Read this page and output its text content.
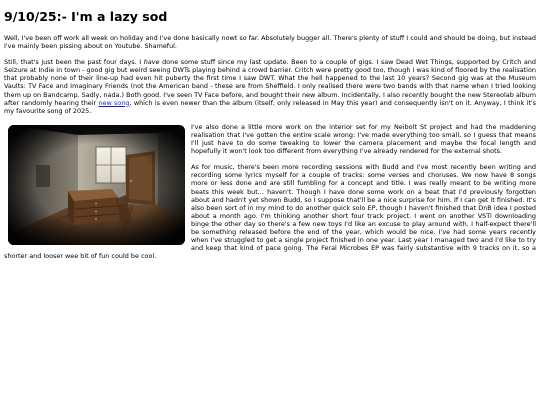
9/10/25:- I'm a lazy sod

Well, I've been off work all week on holiday and I've done basically nowt so far. Absolutely bugger all. There's plenty of stuff I could and should be doing, but instead I've mainly been pissing about on Youtube. Shameful.

Still, that's just been the past four days. I have done some stuff since my last update. Been to a couple of gigs. I saw Dead Wet Things, supported by Critch and Seizure at Indie in town - good gig but weird seeing DWTs playing behind a crowd barrier. Critch were pretty good too, though I was kind of floored by the realisation that probably none of their line-up had even hit puberty the first time I saw DWT. What the hell happened to the last 10 years? Second gig was at the Museum Vaults: TV Face and Imaginary Friends (not the American band - these are from Sheffield. I only realised there were two bands with that name when I tried looking them up on Bandcamp. Sadly, nada.) Both good. I've seen TV Face before, and bought their new album. Incidentally, I also recently bought the new Stereolab album after randomly hearing their new song, which is even newer than the album (itself, only released in May this year) and consequently isn't on it. Anyway, I think it's my favourite song of 2025.

I've also done a little more work on the interior set for my Neibolt St project and had the maddening realisation that I've gotten the entire scale wrong: I've made everything too small, so I guess that means I'll just have to do some tweaking to lower the camera placement and maybe the focal length and hopefully it won't look too different from everything I've already rendered for the external shots.

As for music, there's been more recording sessions with Budd and I've most recently been writing and recording some lyrics myself for a couple of tracks: some verses and choruses. We now have 8 songs more or less done and are still fumbling for a concept and title. I was really meant to be writing more beats this week but... haven't. Though I have done some work on a beat that I'd previously forgotten about and hadn't yet shown Budd, so I suppose that'll be a nice surprise for him. If I can get it finished. It's also been sort of in my mind to do another quick solo EP, though I haven't finished that DnB idea I posted about a month ago. I'm thinking another short four track project. I went on another VSTi downloading binge the other day so there's a few new toys I'd like an excuse to play around with. I half-expect there'll be something released before the end of the year, which would be nice. I've had some years recently when I've struggled to get a single project finished in one year. Last year I managed two and I'd like to try and keep that kind of pace going. The Feral Microbes EP was fairly substantive with 9 tracks on it, so a shorter and looser wee bit of fun could be cool.
